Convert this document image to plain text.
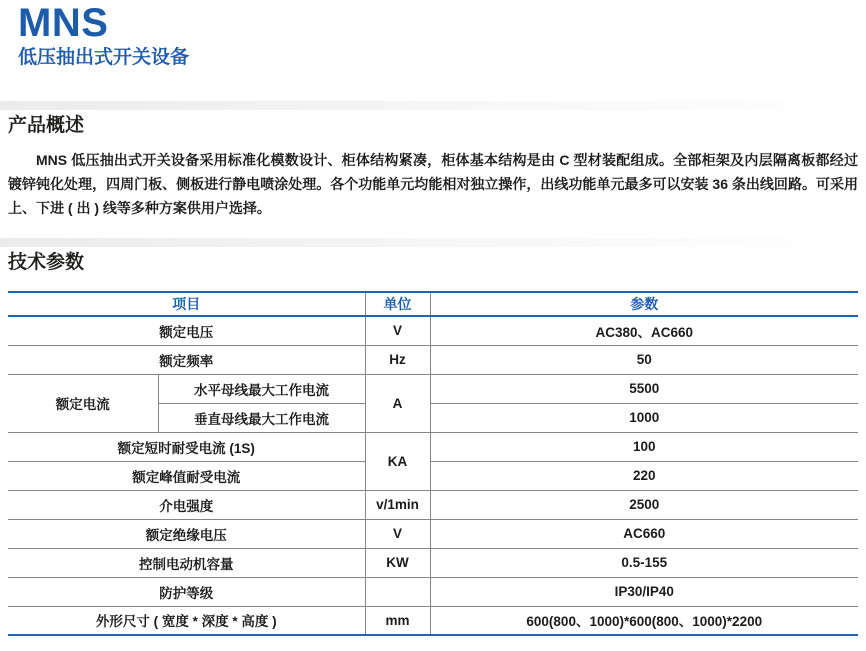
MNS
低压抽出式开关设备
产品概述

MNS 低压抽出式开关设备采用标准化模数设计、柜体结构紧凑，柜体基本结构是由 C 型材装配组成。全部柜架及内层隔离板都经过镀锌钝化处理，四周门板、侧板进行静电喷涂处理。各个功能单元均能相对独立操作，出线功能单元最多可以安装 36 条出线回路。可采用上、下进 ( 出 ) 线等多种方案供用户选择。

技术参数
项目		单位	参数
额定电压		V	AC380、AC660
额定频率		Hz	50
额定电流	水平母线最大工作电流	A	5500
	垂直母线最大工作电流		1000
额定短时耐受电流 (1S)		KA	100
额定峰值耐受电流			220
介电强度		v/1min	2500
额定绝缘电压		V	AC660
控制电动机容量		KW	0.5-155
防护等级			IP30/IP40
外形尺寸 ( 宽度 * 深度 * 高度 )		mm	600(800、1000)*600(800、1000)*2200
